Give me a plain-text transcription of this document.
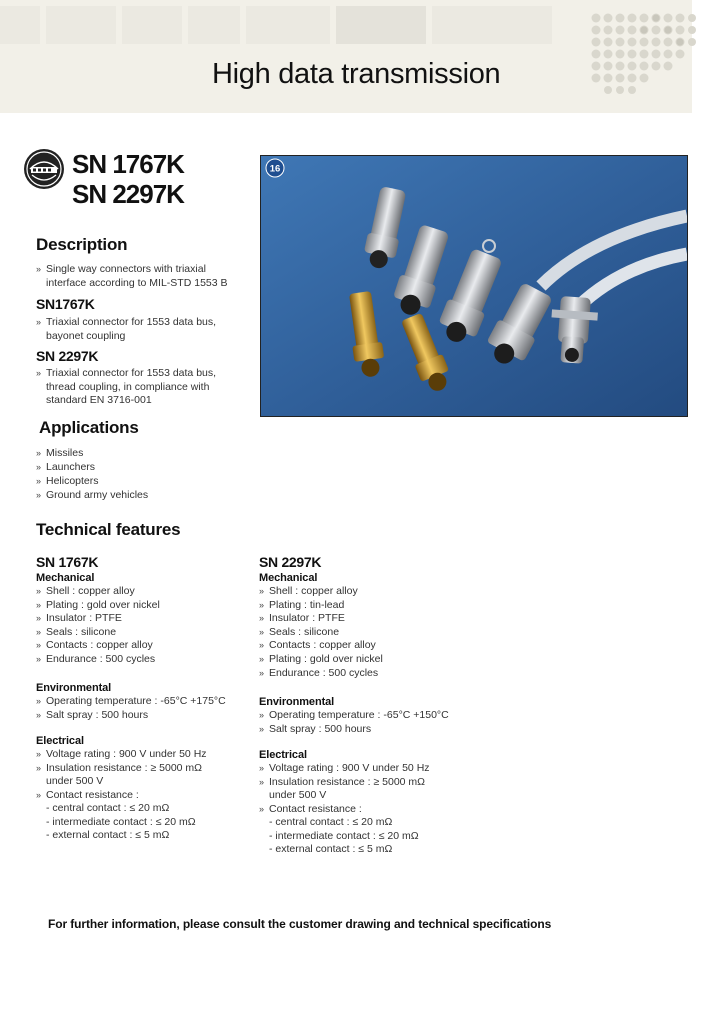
High data transmission
SN 1767K
SN 2297K
Description
» Single way connectors with triaxial
interface according to MIL-STD 1553 B
SN1767K
» Triaxial connector for 1553 data bus,
bayonet coupling
SN 2297K
» Triaxial connector for 1553 data bus,
thread coupling, in compliance with
standard EN 3716-001
16
Applications
» Missiles
» Launchers
» Helicopters
» Ground army vehicles
Technical features
SN 1767K
Mechanical
» Shell : copper alloy
» Plating : gold over nickel
» Insulator : PTFE
» Seals : silicone
» Contacts : copper alloy
» Endurance : 500 cycles
Environmental
» Operating temperature : -65°C +175°C
» Salt spray : 500 hours
Electrical
» Voltage rating : 900 V under 50 Hz
» Insulation resistance : ≥ 5000 mΩ
under 500 V
» Contact resistance :
- central contact : ≤ 20 mΩ
- intermediate contact : ≤ 20 mΩ
- external contact : ≤ 5 mΩ
SN 2297K
Mechanical
» Shell : copper alloy
» Plating : tin-lead
» Insulator : PTFE
» Seals : silicone
» Contacts : copper alloy
» Plating : gold over nickel
» Endurance : 500 cycles
Environmental
» Operating temperature : -65°C +150°C
» Salt spray : 500 hours
Electrical
» Voltage rating : 900 V under 50 Hz
» Insulation resistance : ≥ 5000 mΩ
under 500 V
» Contact resistance :
- central contact : ≤ 20 mΩ
- intermediate contact : ≤ 20 mΩ
- external contact : ≤ 5 mΩ
For further information, please consult the customer drawing and technical specifications
